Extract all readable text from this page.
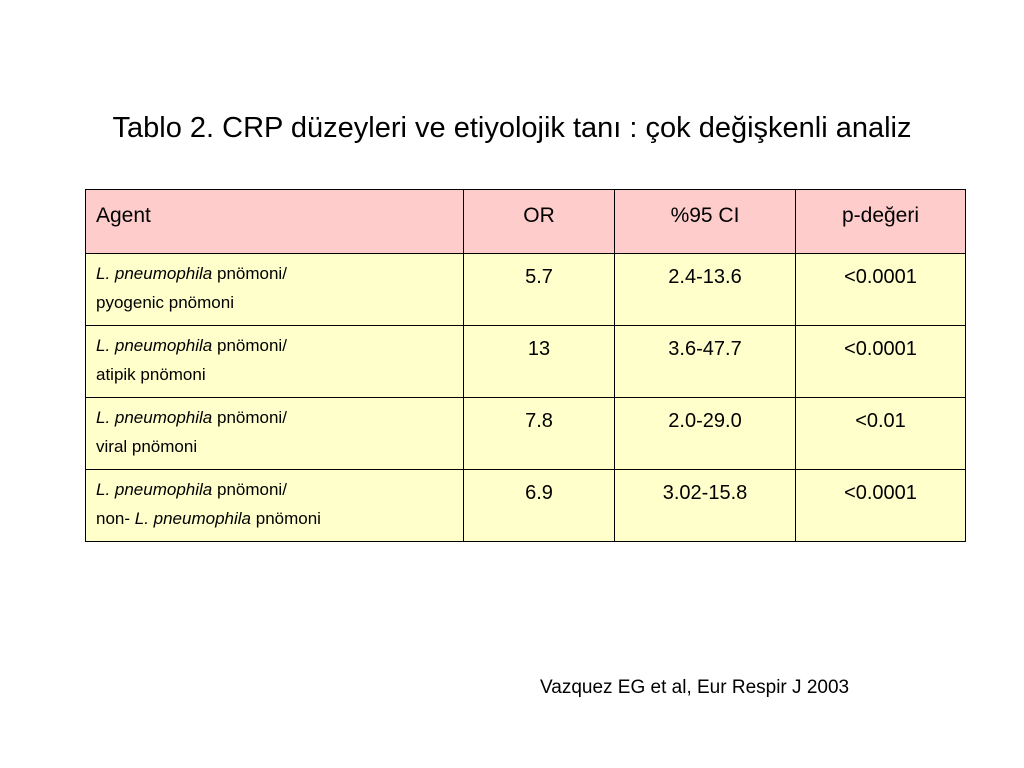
Tablo 2. CRP düzeyleri ve etiyolojik tanı : çok değişkenli analiz
Agent	OR	%95 CI	p-değeri
L. pneumophila pnömoni/
pyogenic pnömoni	5.7	2.4-13.6	<0.0001
L. pneumophila pnömoni/
atipik pnömoni	13	3.6-47.7	<0.0001
L. pneumophila pnömoni/
viral pnömoni	7.8	2.0-29.0	<0.01
L. pneumophila pnömoni/
non- L. pneumophila pnömoni	6.9	3.02-15.8	<0.0001
Vazquez EG et al, Eur Respir J 2003
